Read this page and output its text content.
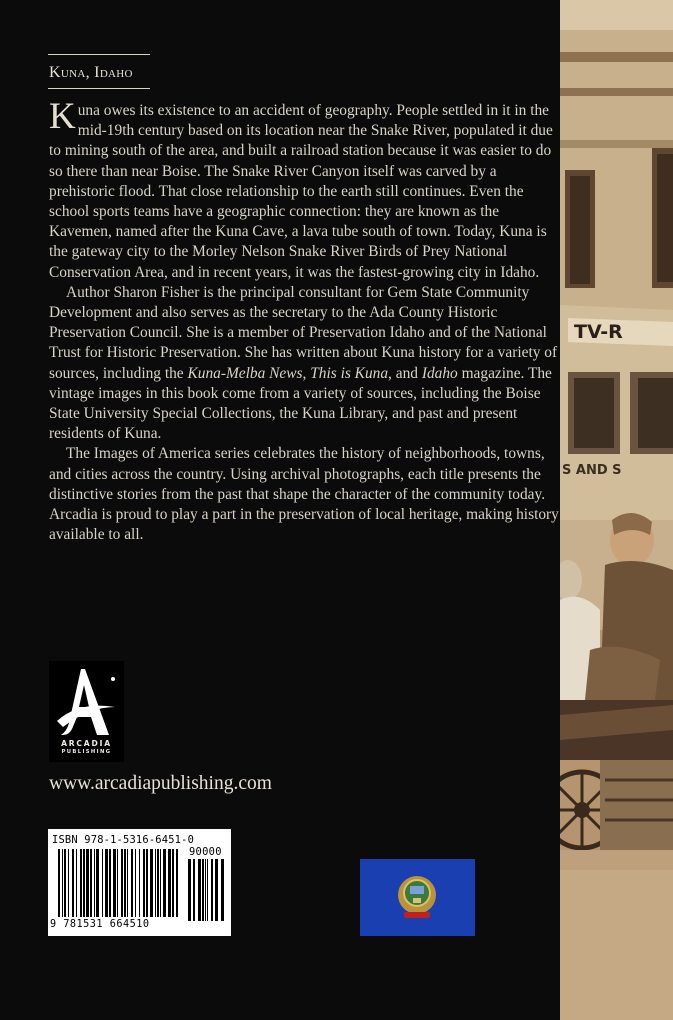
Kuna, Idaho

Kuna owes its existence to an accident of geography. People settled in it in the mid-19th century based on its location near the Snake River, populated it due to mining south of the area, and built a railroad station because it was easier to do so there than near Boise. The Snake River Canyon itself was carved by a prehistoric flood. That close relationship to the earth still continues. Even the school sports teams have a geographic connection: they are known as the Kavemen, named after the Kuna Cave, a lava tube south of town. Today, Kuna is the gateway city to the Morley Nelson Snake River Birds of Prey National Conservation Area, and in recent years, it was the fastest-growing city in Idaho.

Author Sharon Fisher is the principal consultant for Gem State Community Development and also serves as the secretary to the Ada County Historic Preservation Council. She is a member of Preservation Idaho and of the National Trust for Historic Preservation. She has written about Kuna history for a variety of sources, including the Kuna-Melba News, This is Kuna, and Idaho magazine. The vintage images in this book come from a variety of sources, including the Boise State University Special Collections, the Kuna Library, and past and present residents of Kuna.

The Images of America series celebrates the history of neighborhoods, towns, and cities across the country. Using archival photographs, each title presents the distinctive stories from the past that shape the character of the community today. Arcadia is proud to play a part in the preservation of local heritage, making history available to all.

ARCADIA
PUBLISHING
www.arcadiapublishing.com
ISBN 978-1-5316-6451-0
90000
9 781531 664510
TV-R
S AND S
